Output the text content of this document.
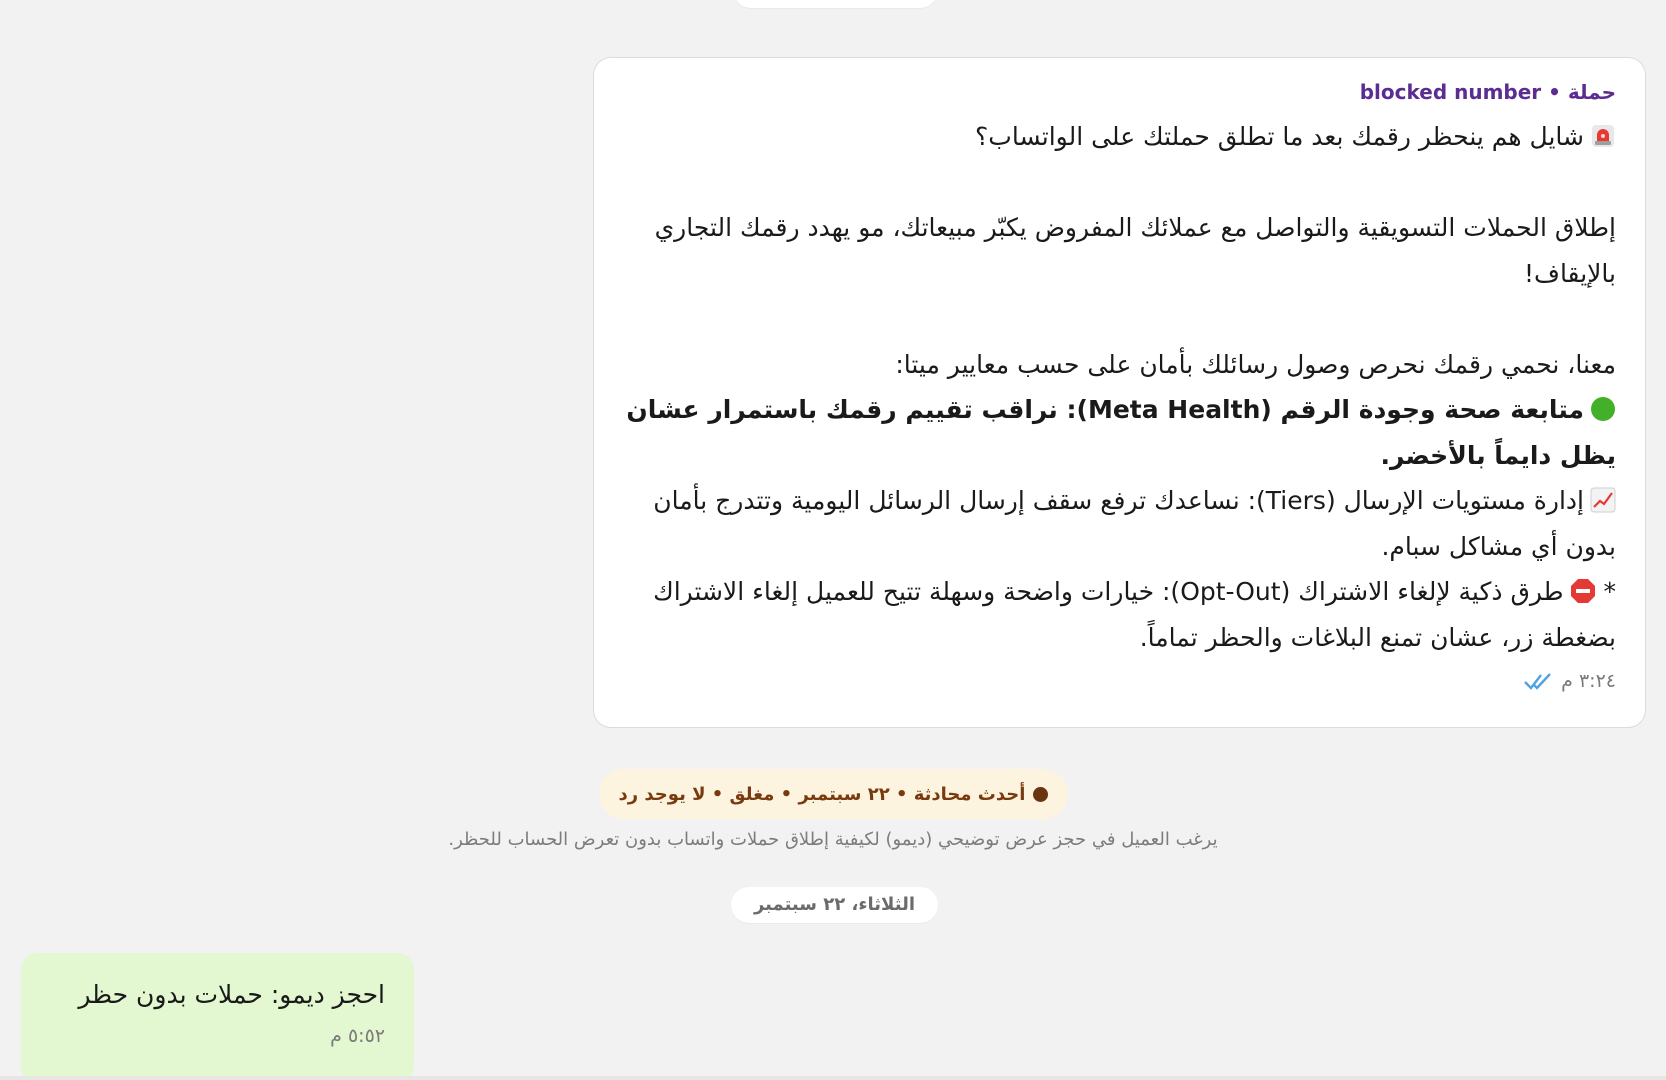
حملة • blocked number

شايل هم ينحظر رقمك بعد ما تطلق حملتك على الواتساب؟

إطلاق الحملات التسويقية والتواصل مع عملائك المفروض يكبّر مبيعاتك، مو يهدد رقمك التجاري بالإيقاف!

معنا، نحمي رقمك نحرص وصول رسائلك بأمان على حسب معايير ميتا:

متابعة صحة وجودة الرقم (Meta Health): نراقب تقييم رقمك باستمرار عشان يظل دايماً بالأخضر.

إدارة مستويات الإرسال (Tiers): نساعدك ترفع سقف إرسال الرسائل اليومية وتتدرج بأمان بدون أي مشاكل سبام.

* طرق ذكية لإلغاء الاشتراك (Opt-Out): خيارات واضحة وسهلة تتيح للعميل إلغاء الاشتراك بضغطة زر، عشان تمنع البلاغات والحظر تماماً.

٣:٢٤ م
أحدث محادثة • ٢٢ سبتمبر • مغلق • لا يوجد رد
يرغب العميل في حجز عرض توضيحي (ديمو) لكيفية إطلاق حملات واتساب بدون تعرض الحساب للحظر.
الثلاثاء، ٢٢ سبتمبر
احجز ديمو: حملات بدون حظر
٥:٥٢ م
